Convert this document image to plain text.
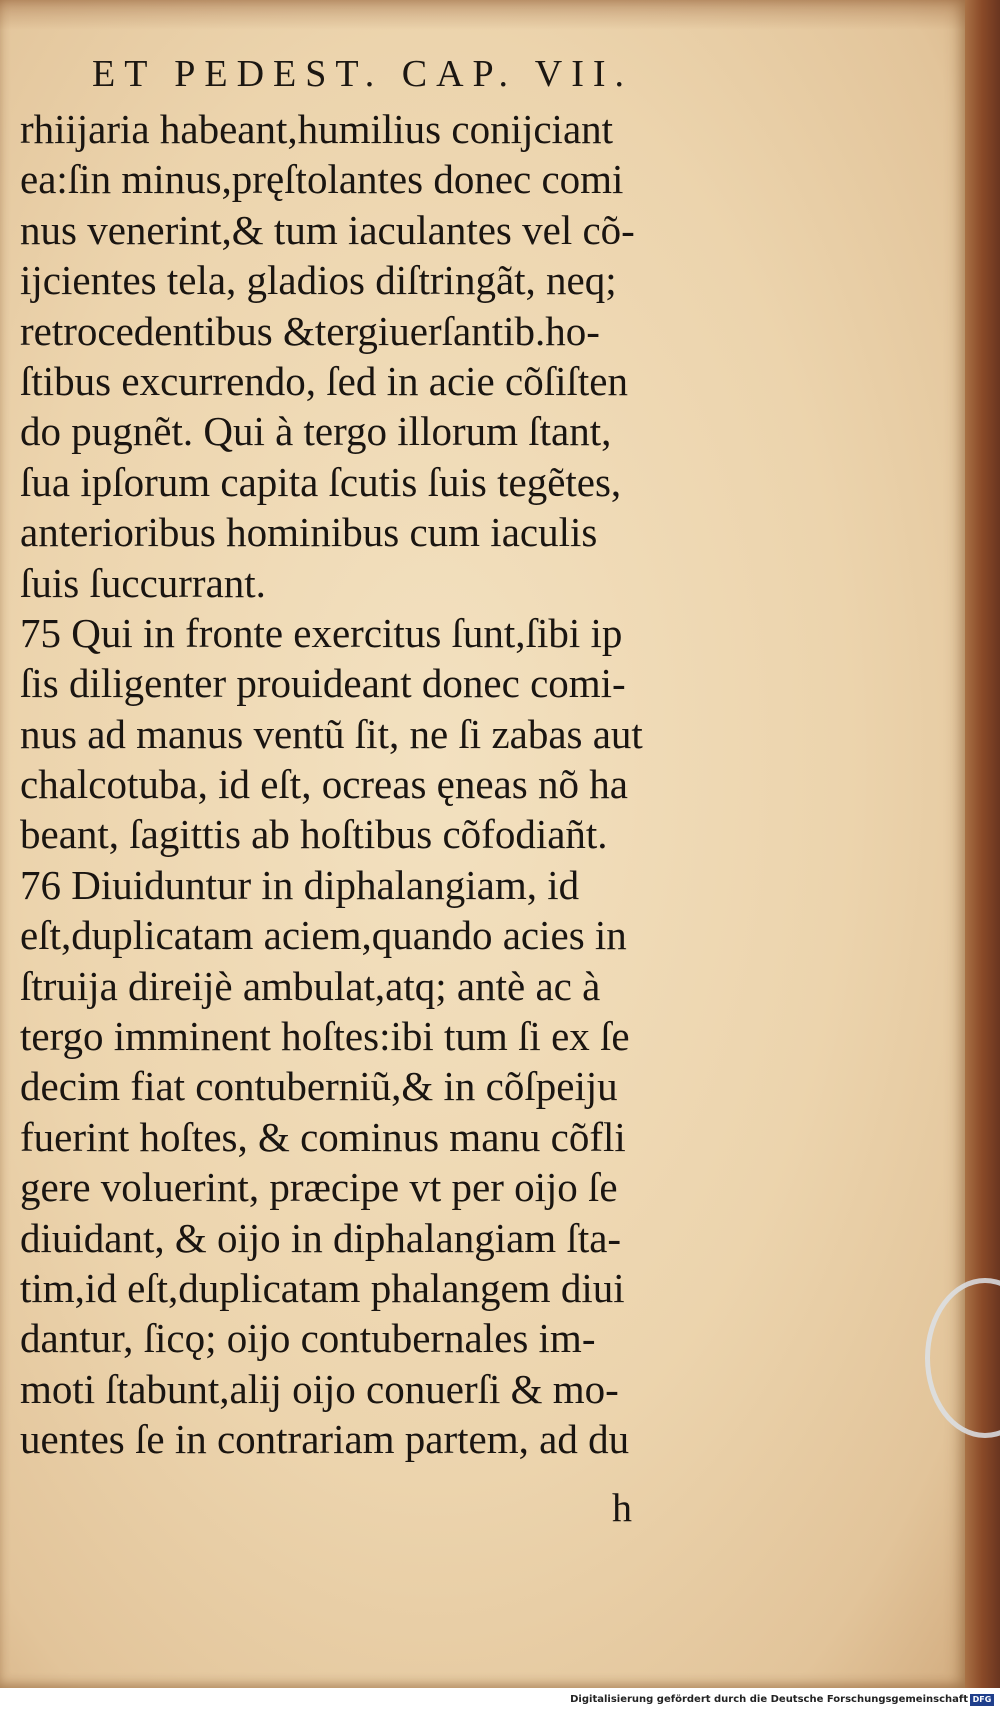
ET PEDEST. CAP. VII.
rhiĳaria habeant,humilius conijciant
ea:ſin minus,pręſtolantes donec comi
nus venerint,& tum iaculantes vel cõ-
ijcientes tela, gladios diſtringãt, neq;
retrocedentibus &tergiuerſantib.ho-
ſtibus excurrendo, ſed in acie cõſiſten
do pugnẽt. Qui à tergo illorum ſtant,
ſua ipſorum capita ſcutis ſuis tegẽtes,
anterioribus hominibus cum iaculis
ſuis ſuccurrant.
75 Qui in fronte exercitus ſunt,ſibi ip
ſis diligenter prouideant donec comi-
nus ad manus ventũ ſit, ne ſi zabas aut
chalcotuba, id eſt, ocreas ęneas nõ ha
beant, ſagittis ab hoſtibus cõfodiañt.
76 Diuiduntur in diphalangiam, id
eſt,duplicatam aciem,quando acies in
ſtruĳa direĳè ambulat,atq; antè ac à
tergo imminent hoſtes:ibi tum ſi ex ſe
decim fiat contuberniũ,& in cõſpeĳu
fuerint hoſtes, & cominus manu cõfli
gere voluerint, præcipe vt per oĳo ſe
diuidant, & oĳo in diphalangiam ſta-
tim,id eſt,duplicatam phalangem diui
dantur, ſicǫ; oĳo contubernales im-
moti ſtabunt,alij oĳo conuerſi & mo-
uentes ſe in contrariam partem, ad du
h
Digitalisierung gefördert durch die Deutsche Forschungsgemeinschaft DFG
